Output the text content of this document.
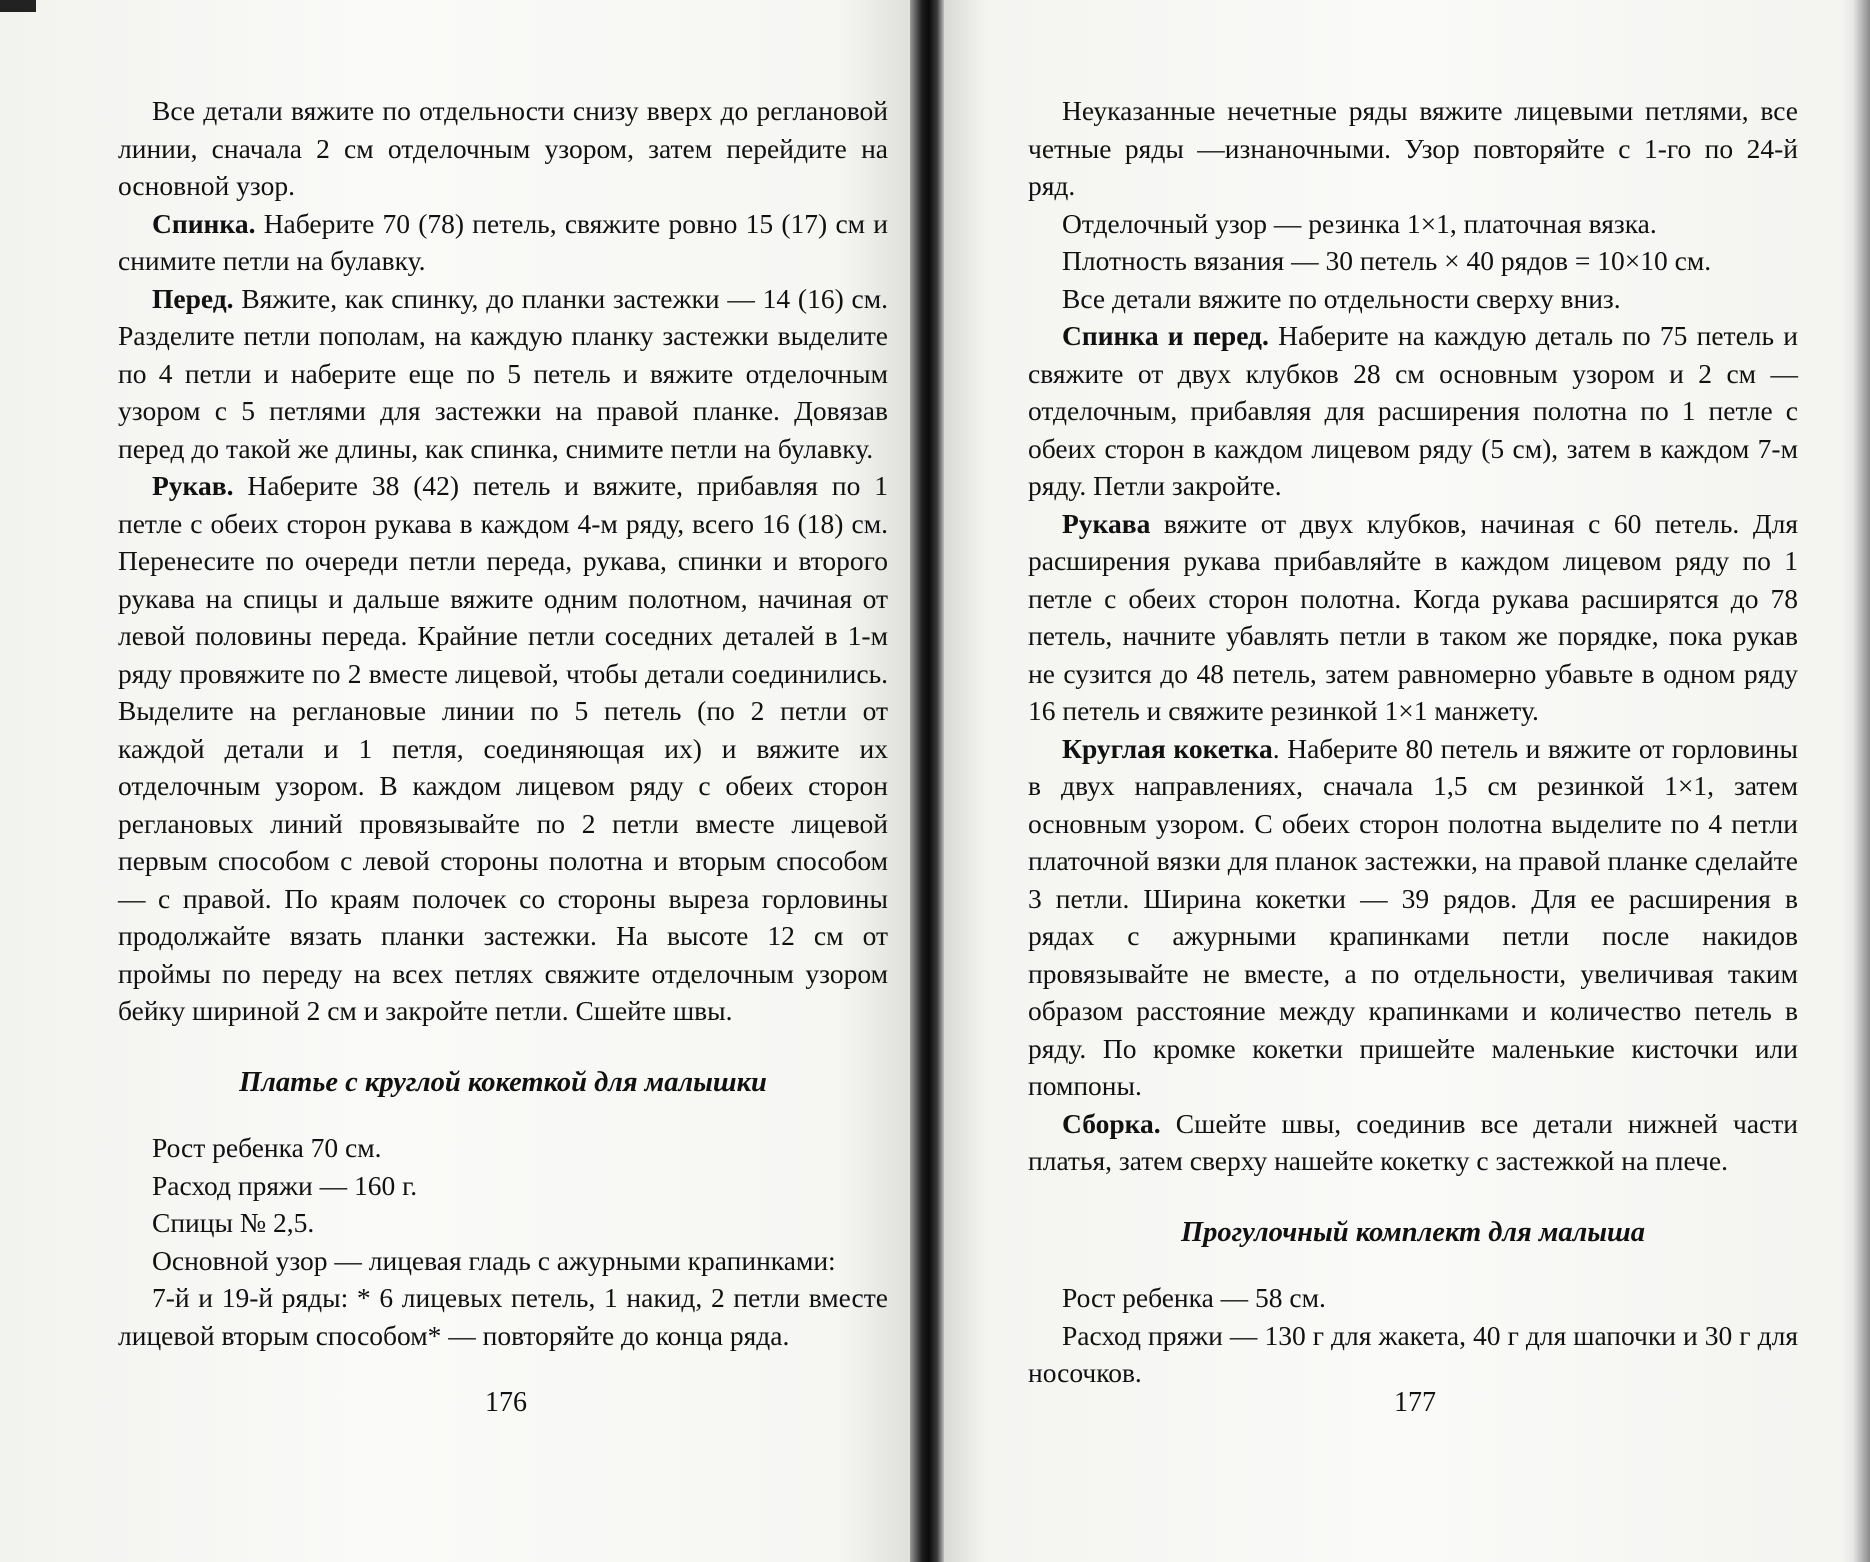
Все детали вяжите по отдельности снизу вверх до реглановой линии, сначала 2 см отделочным узором, затем перейдите на основной узор.

Спинка. Наберите 70 (78) петель, свяжите ровно 15 (17) см и снимите петли на булавку.

Перед. Вяжите, как спинку, до планки застежки — 14 (16) см. Разделите петли пополам, на каждую планку застежки выделите по 4 петли и наберите еще по 5 петель и вяжите отделочным узором с 5 петлями для застежки на правой планке. Довязав перед до такой же длины, как спинка, снимите петли на булавку.

Рукав. Наберите 38 (42) петель и вяжите, прибавляя по 1 петле с обеих сторон рукава в каждом 4-м ряду, всего 16 (18) см. Перенесите по очереди петли переда, рукава, спинки и второго рукава на спицы и дальше вяжите одним полотном, начиная от левой половины переда. Крайние петли соседних деталей в 1-м ряду провяжите по 2 вместе лицевой, чтобы детали соединились. Выделите на реглановые линии по 5 петель (по 2 петли от каждой детали и 1 петля, соединяющая их) и вяжите их отделочным узором. В каждом лицевом ряду с обеих сторон реглановых линий провязывайте по 2 петли вместе лицевой первым способом с левой стороны полотна и вторым способом — с правой. По краям полочек со стороны выреза горловины продолжайте вязать планки застежки. На высоте 12 см от проймы по переду на всех петлях свяжите отделочным узором бейку шириной 2 см и закройте петли. Сшейте швы.

Платье с круглой кокеткой для малышки

Рост ребенка 70 см.

Расход пряжи — 160 г.

Спицы № 2,5.

Основной узор — лицевая гладь с ажурными крапинками:

7-й и 19-й ряды: * 6 лицевых петель, 1 накид, 2 петли вместе лицевой вторым способом* — повторяйте до конца ряда.

176

Неуказанные нечетные ряды вяжите лицевыми петлями, все четные ряды —изнаночными. Узор повторяйте с 1-го по 24-й ряд.

Отделочный узор — резинка 1×1, платочная вязка.

Плотность вязания — 30 петель × 40 рядов = 10×10 см.

Все детали вяжите по отдельности сверху вниз.

Спинка и перед. Наберите на каждую деталь по 75 петель и свяжите от двух клубков 28 см основным узором и 2 см — отделочным, прибавляя для расширения полотна по 1 петле с обеих сторон в каждом лицевом ряду (5 см), затем в каждом 7-м ряду. Петли закройте.

Рукава вяжите от двух клубков, начиная с 60 петель. Для расширения рукава прибавляйте в каждом лицевом ряду по 1 петле с обеих сторон полотна. Когда рукава расширятся до 78 петель, начните убавлять петли в таком же порядке, пока рукав не сузится до 48 петель, затем равномерно убавьте в одном ряду 16 петель и свяжите резинкой 1×1 манжету.

Круглая кокетка. Наберите 80 петель и вяжите от горловины в двух направлениях, сначала 1,5 см резинкой 1×1, затем основным узором. С обеих сторон полотна выделите по 4 петли платочной вязки для планок застежки, на правой планке сделайте 3 петли. Ширина кокетки — 39 рядов. Для ее расширения в рядах с ажурными крапинками петли после накидов провязывайте не вместе, а по отдельности, увеличивая таким образом расстояние между крапинками и количество петель в ряду. По кромке кокетки пришейте маленькие кисточки или помпоны.

Сборка. Сшейте швы, соединив все детали нижней части платья, затем сверху нашейте кокетку с застежкой на плече.

Прогулочный комплект для малыша

Рост ребенка — 58 см.

Расход пряжи — 130 г для жакета, 40 г для шапочки и 30 г для носочков.

177
